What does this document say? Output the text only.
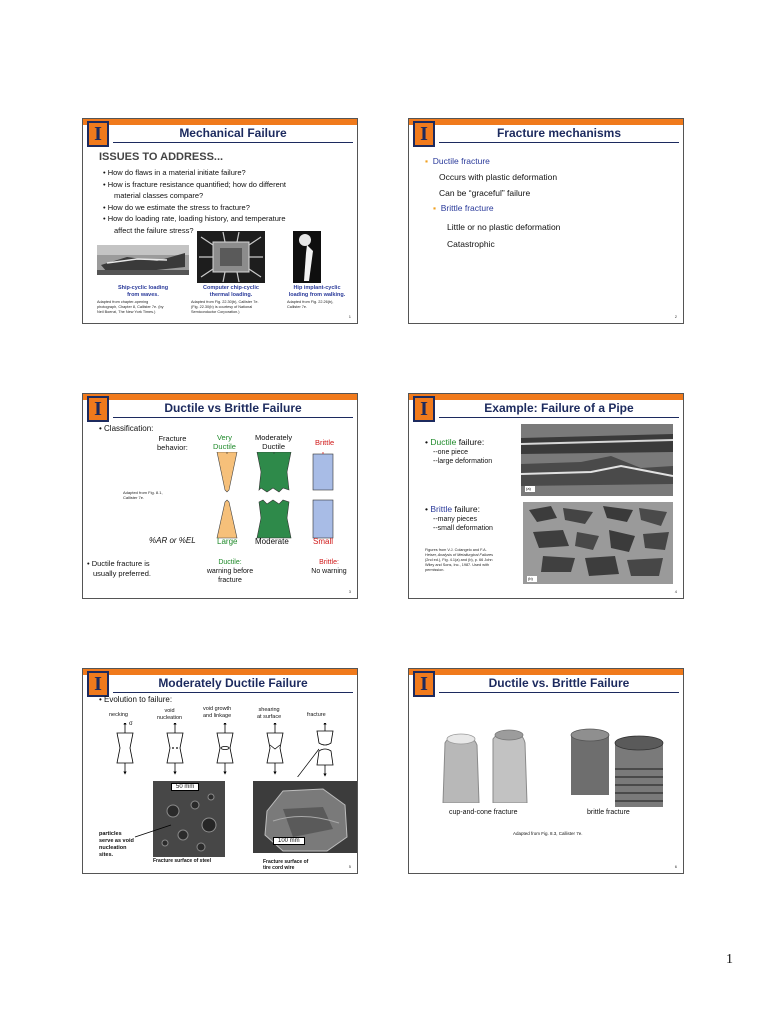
I	Mechanical Failure
ISSUES TO ADDRESS...
• How do flaws in a material initiate failure?
• How is fracture resistance quantified; how do different
material classes compare?
• How do we estimate the stress to fracture?
• How do loading rate, loading history, and temperature
affect the failure stress?
Ship-cyclic loading
from waves.
Computer chip-cyclic
thermal loading.
Hip implant-cyclic
loading from walking.
Adapted from chapter-opening
photograph, Chapter 8, Callister 7e. (by
Neil Boenzi, The New York Times.)
Adapted from Fig. 22.30(b), Callister 7e.
(Fig. 22.30(b) is courtesy of National
Semiconductor Corporation.)
Adapted from Fig. 22.26(b),
Callister 7e.
1
I	Fracture mechanisms
▪ Ductile fracture
Occurs with plastic deformation
Can be “graceful” failure
▪ Brittle fracture
Little or no plastic deformation
Catastrophic
2
I	Ductile vs Brittle Failure
• Classification:
Fracture
behavior:
Very
Ductile
Moderately
Ductile	Brittle
Adapted from Fig. 8.1,
Callister 7e.
%AR or %EL	Large Moderate	Small
• Ductile fracture is
usually preferred.
Ductile:
warning before
fracture
Brittle:
No warning
3
I	Example: Failure of a Pipe
• Ductile failure:
--one piece
--large deformation
(a)
• Brittle failure:
--many pieces
--small deformation
(b)
Figures from V.J. Colangelo and F.A.
Heiser, Analysis of Metallurgical Failures
(2nd ed.), Fig. 4.1(a) and (b), p. 66 John
Wiley and Sons, Inc., 1987. Used with
permission.
4
I	Moderately Ductile Failure
• Evolution to failure:
necking
void
nucleation
void growth
and linkage
shearing
at surface	fracture
σ
50 mm
100 mm
particles
serve as void
nucleation
sites.
Fracture surface of steel	Fracture surface of
tire cord wire	5
I	Ductile vs. Brittle Failure
cup-and-cone fracture	brittle fracture
Adapted from Fig. 8.3, Callister 7e.
6
1
